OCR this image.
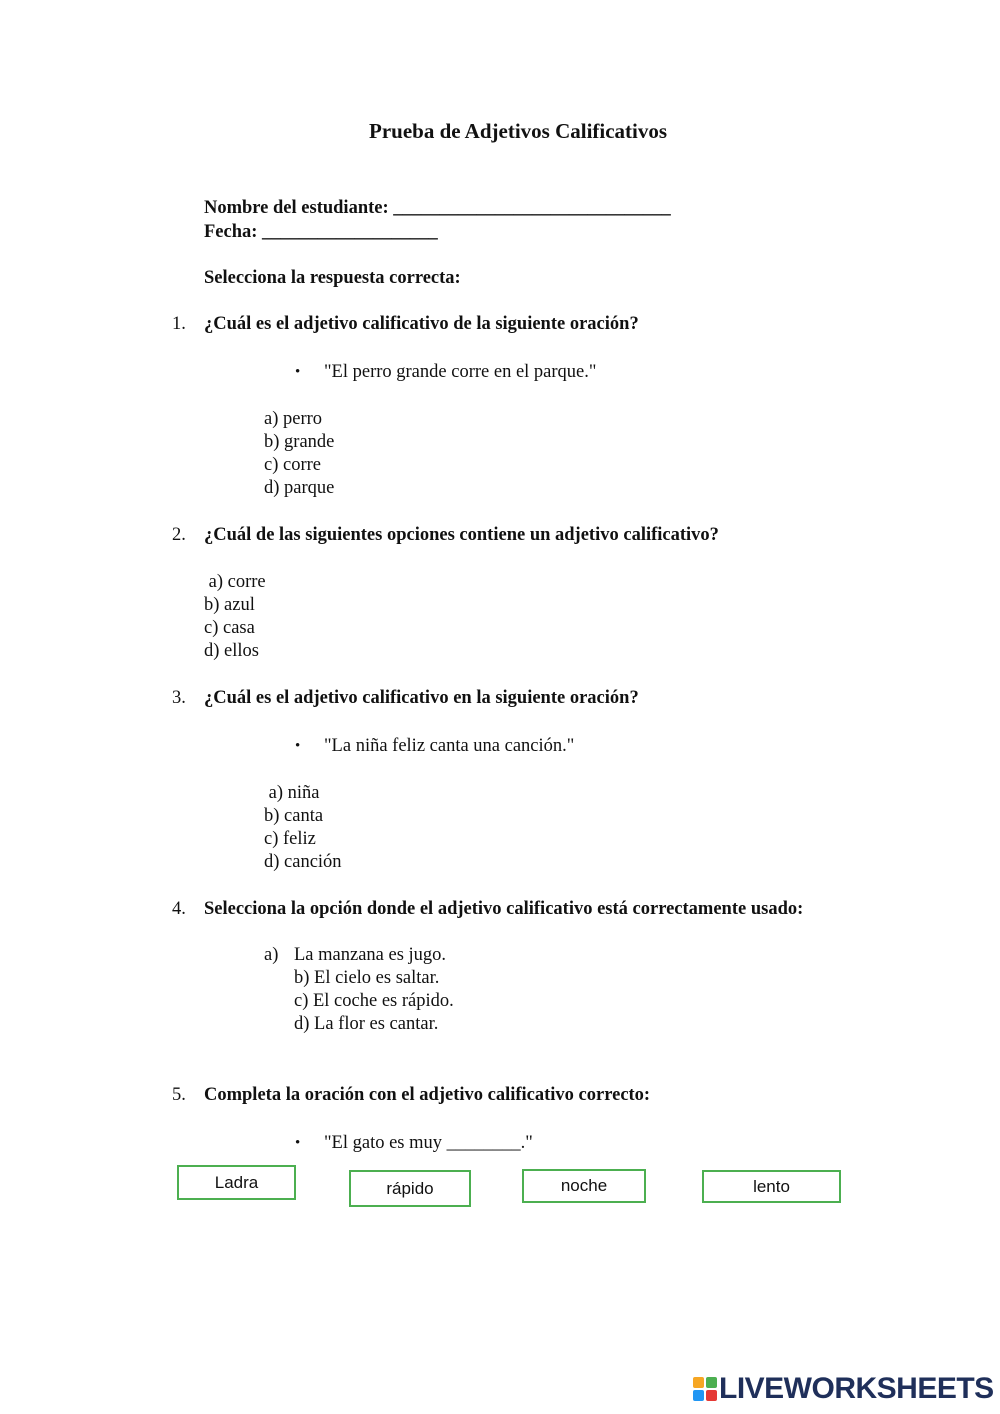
Prueba de Adjetivos Calificativos
Nombre del estudiante: ______________________________
Fecha: ___________________
Selecciona la respuesta correcta:
1. ¿Cuál es el adjetivo calificativo de la siguiente oración?
• "El perro grande corre en el parque."
a) perro
b) grande
c) corre
d) parque
2. ¿Cuál de las siguientes opciones contiene un adjetivo calificativo?
a) corre
b) azul
c) casa
d) ellos
3. ¿Cuál es el adjetivo calificativo en la siguiente oración?
• "La niña feliz canta una canción."
a) niña
b) canta
c) feliz
d) canción
4. Selecciona la opción donde el adjetivo calificativo está correctamente usado:
a) La manzana es jugo.
b) El cielo es saltar.
c) El coche es rápido.
d) La flor es cantar.
5. Completa la oración con el adjetivo calificativo correcto:
• "El gato es muy ________."
Ladra	rápido	noche	lento
LIVEWORKSHEETS
